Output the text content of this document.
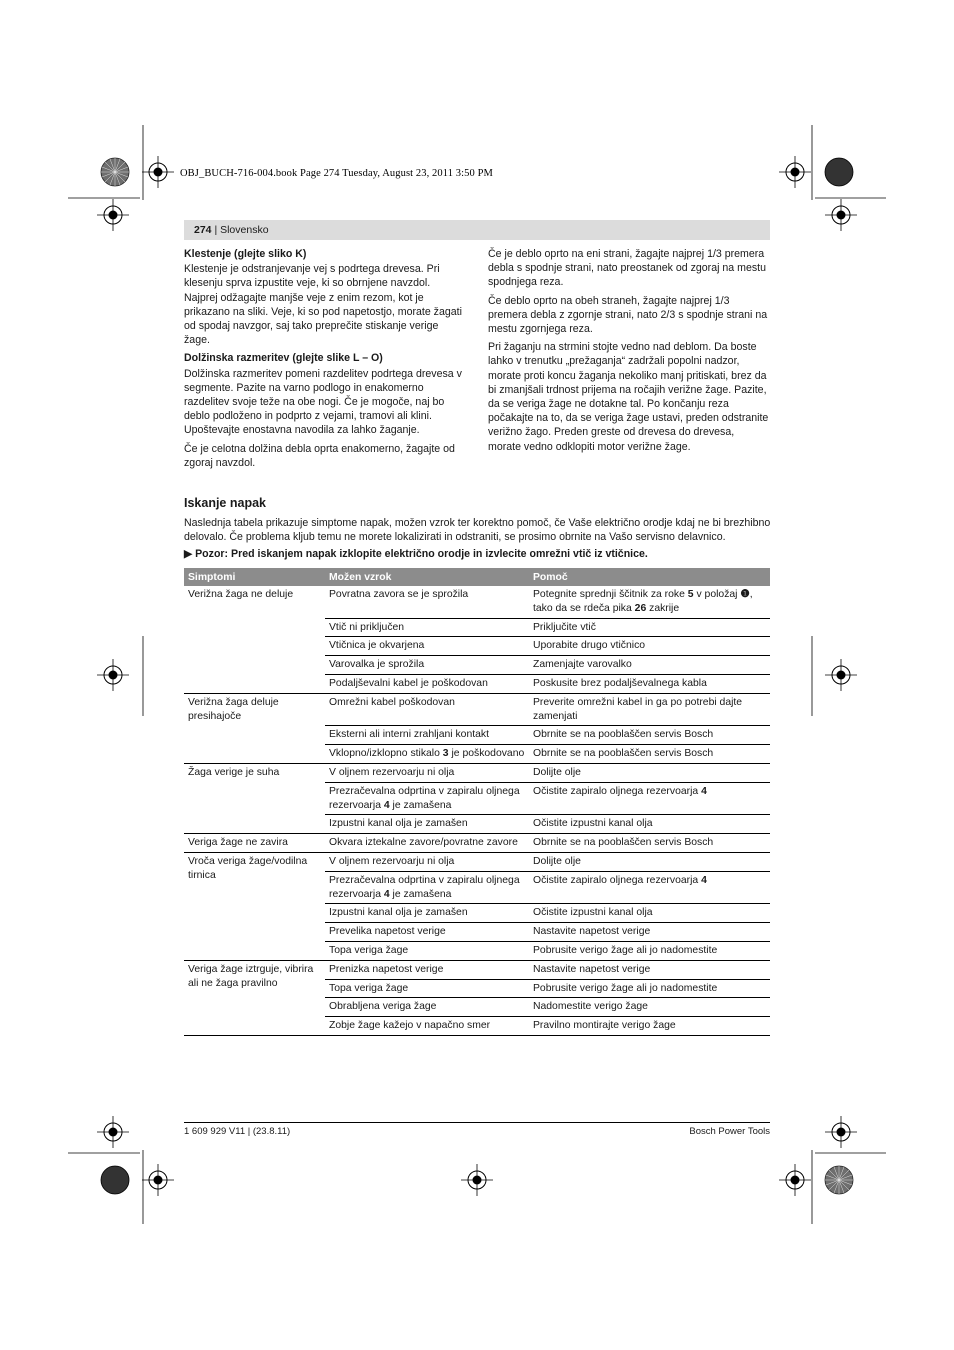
OBJ_BUCH-716-004.book Page 274 Tuesday, August 23, 2011 3:50 PM
274 | Slovensko
Klestenje (glejte sliko K)

Klestenje je odstranjevanje vej s podrtega drevesa. Pri klesenju sprva izpustite veje, ki so obrnjene navzdol. Najprej odžagajte manjše veje z enim rezom, kot je prikazano na sliki. Veje, ki so pod napetostjo, morate žagati od spodaj navzgor, saj tako preprečite stiskanje verige žage.

Dolžinska razmeritev (glejte slike L – O)

Dolžinska razmeritev pomeni razdelitev podrtega drevesa v segmente. Pazite na varno podlogo in enakomerno razdelitev svoje teže na obe nogi. Če je mogoče, naj bo deblo podloženo in podprto z vejami, tramovi ali klini. Upoštevajte enostavna navodila za lahko žaganje.

Če je celotna dolžina debla oprta enakomerno, žagajte od zgoraj navzdol.

Če je deblo oprto na eni strani, žagajte najprej 1/3 premera debla s spodnje strani, nato preostanek od zgoraj na mestu spodnjega reza.

Če deblo oprto na obeh straneh, žagajte najprej 1/3 premera debla z zgornje strani, nato 2/3 s spodnje strani na mestu zgornjega reza.

Pri žaganju na strmini stojte vedno nad deblom. Da boste lahko v trenutku „prežaganja“ zadržali popolni nadzor, morate proti koncu žaganja nekoliko manj pritiskati, brez da bi zmanjšali trdnost prijema na ročajih verižne žage. Pazite, da se veriga žage ne dotakne tal. Po končanju reza počakajte na to, da se veriga žage ustavi, preden odstranite verižno žago. Preden greste od drevesa do drevesa, morate vedno odklopiti motor verižne žage.

Iskanje napak
Naslednja tabela prikazuje simptome napak, možen vzrok ter korektno pomoč, če Vaše električno orodje kdaj ne bi brezhibno delovalo. Če problema kljub temu ne morete lokalizirati in odstraniti, se prosimo obrnite na Vašo servisno delavnico.
▶ Pozor: Pred iskanjem napak izklopite električno orodje in izvlecite omrežni vtič iz vtičnice.
Simptomi	Možen vzrok	Pomoč
Verižna žaga ne deluje	Povratna zavora se je sprožila	Potegnite sprednji ščitnik za roke 5 v položaj ❶, tako da se rdeča pika 26 zakrije
	Vtič ni priključen	Priključite vtič
	Vtičnica je okvarjena	Uporabite drugo vtičnico
	Varovalka je sprožila	Zamenjajte varovalko
	Podaljševalni kabel je poškodovan	Poskusite brez podaljševalnega kabla
Verižna žaga deluje presihajoče	Omrežni kabel poškodovan	Preverite omrežni kabel in ga po potrebi dajte zamenjati
	Eksterni ali interni zrahljani kontakt	Obrnite se na pooblaščen servis Bosch
	Vklopno/izklopno stikalo 3 je poškodovano	Obrnite se na pooblaščen servis Bosch
Žaga verige je suha	V oljnem rezervoarju ni olja	Dolijte olje
	Prezračevalna odprtina v zapiralu oljnega rezervoarja 4 je zamašena	Očistite zapiralo oljnega rezervoarja 4
	Izpustni kanal olja je zamašen	Očistite izpustni kanal olja
Veriga žage ne zavira	Okvara iztekalne zavore/povratne zavore	Obrnite se na pooblaščen servis Bosch
Vroča veriga žage/vodilna tirnica	V oljnem rezervoarju ni olja	Dolijte olje
	Prezračevalna odprtina v zapiralu oljnega rezervoarja 4 je zamašena	Očistite zapiralo oljnega rezervoarja 4
	Izpustni kanal olja je zamašen	Očistite izpustni kanal olja
	Prevelika napetost verige	Nastavite napetost verige
	Topa veriga žage	Pobrusite verigo žage ali jo nadomestite
Veriga žage iztrguje, vibrira ali ne žaga pravilno	Prenizka napetost verige	Nastavite napetost verige
	Topa veriga žage	Pobrusite verigo žage ali jo nadomestite
	Obrabljena veriga žage	Nadomestite verigo žage
	Zobje žage kažejo v napačno smer	Pravilno montirajte verigo žage
1 609 929 V11 | (23.8.11)	Bosch Power Tools
